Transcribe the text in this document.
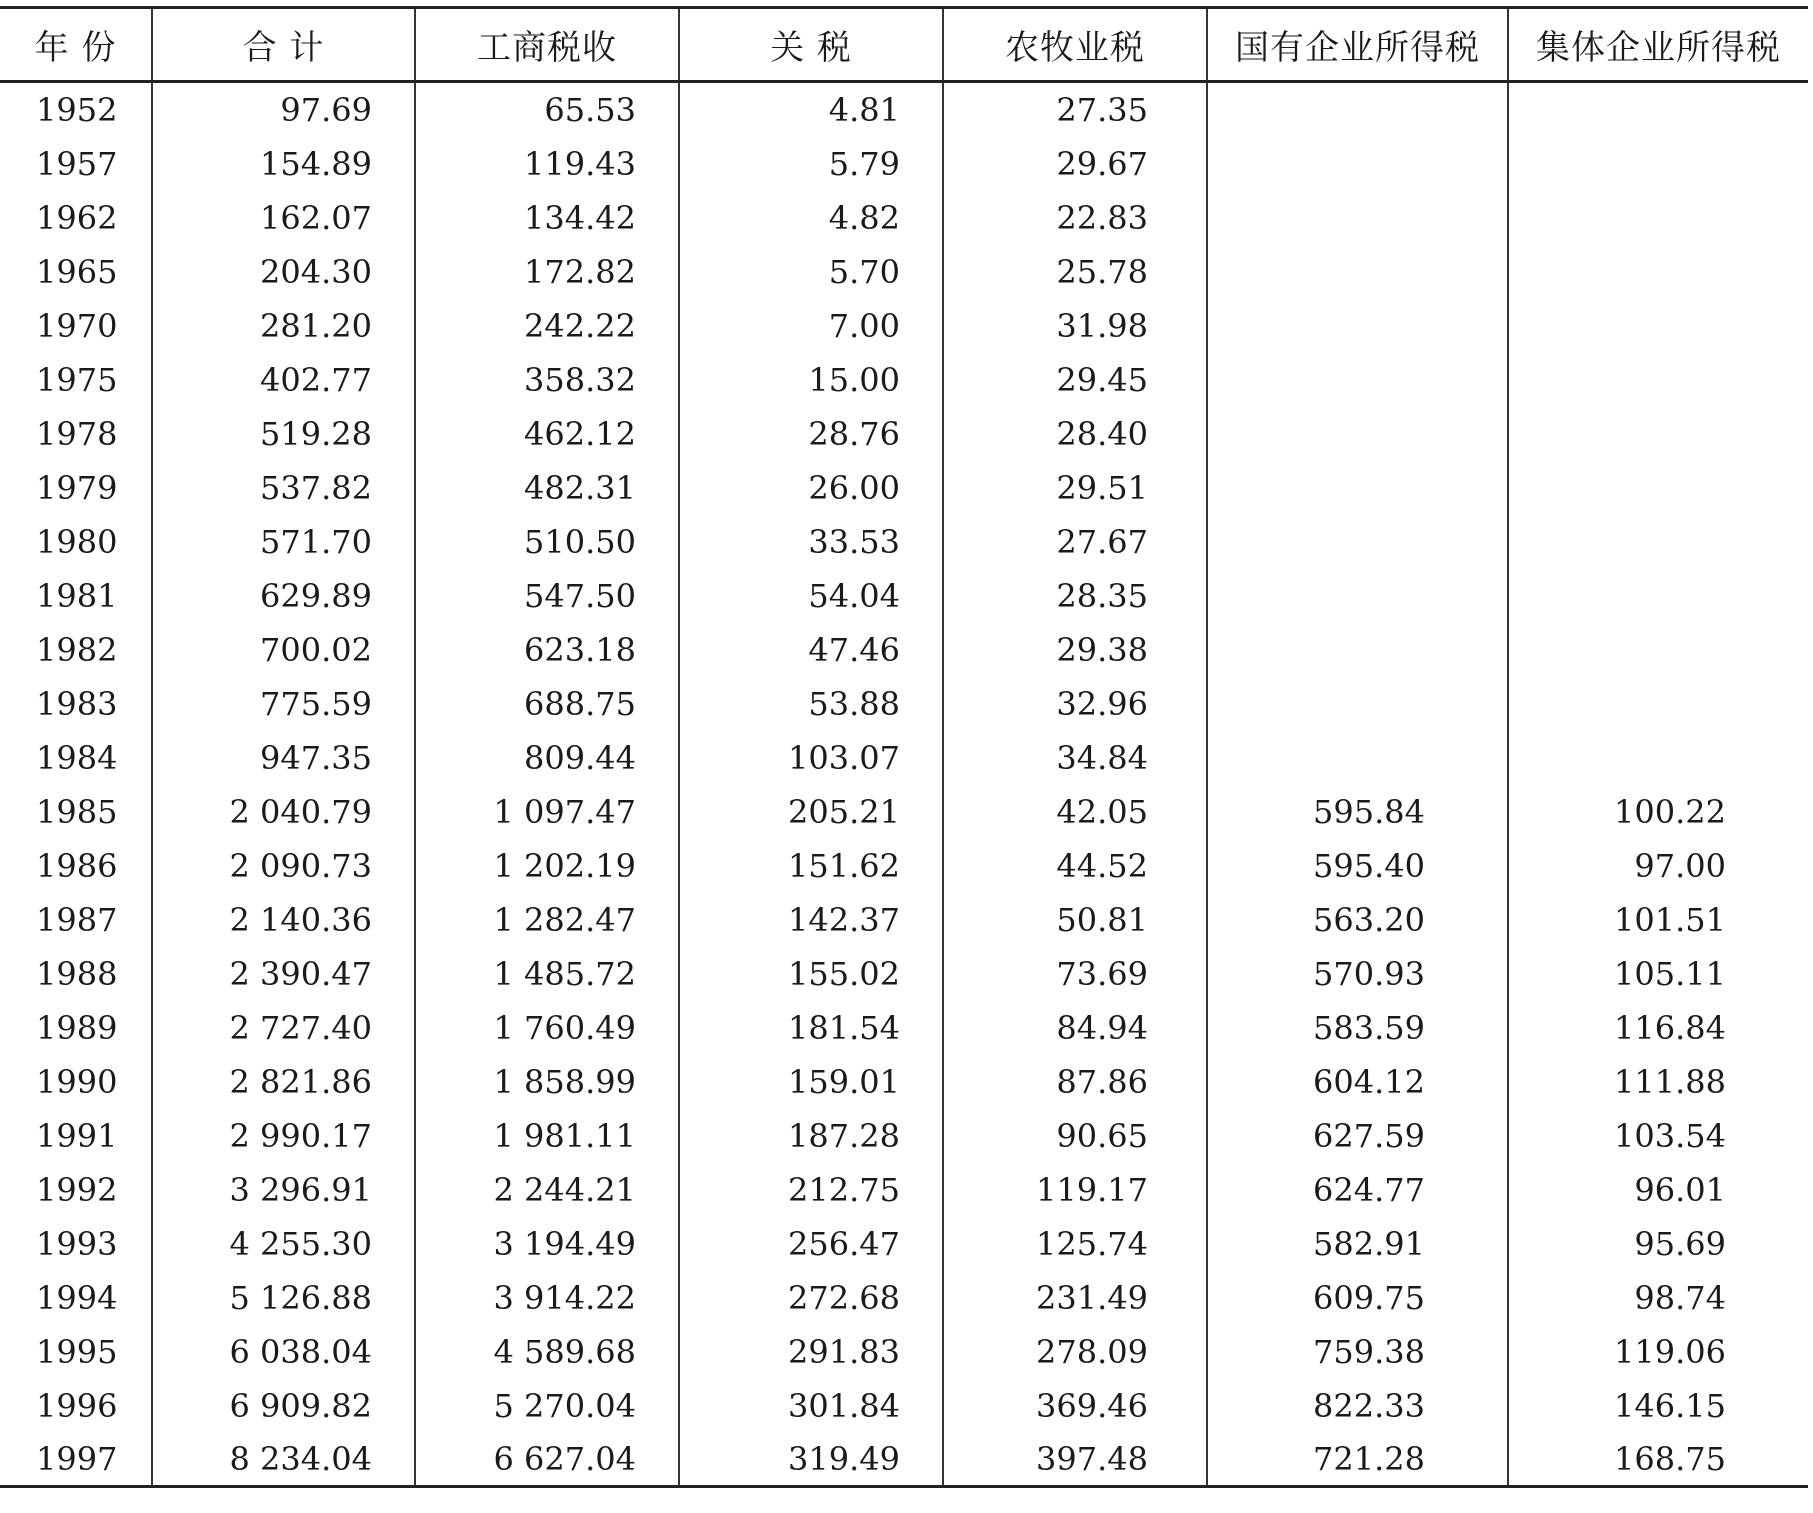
年 份	合 计	工商税收	关 税	农牧业税	国有企业所得税	集体企业所得税
1952	97.69	65.53	4.81	27.35		
1957	154.89	119.43	5.79	29.67		
1962	162.07	134.42	4.82	22.83		
1965	204.30	172.82	5.70	25.78		
1970	281.20	242.22	7.00	31.98		
1975	402.77	358.32	15.00	29.45		
1978	519.28	462.12	28.76	28.40		
1979	537.82	482.31	26.00	29.51		
1980	571.70	510.50	33.53	27.67		
1981	629.89	547.50	54.04	28.35		
1982	700.02	623.18	47.46	29.38		
1983	775.59	688.75	53.88	32.96		
1984	947.35	809.44	103.07	34.84		
1985	2 040.79	1 097.47	205.21	42.05	595.84	100.22
1986	2 090.73	1 202.19	151.62	44.52	595.40	97.00
1987	2 140.36	1 282.47	142.37	50.81	563.20	101.51
1988	2 390.47	1 485.72	155.02	73.69	570.93	105.11
1989	2 727.40	1 760.49	181.54	84.94	583.59	116.84
1990	2 821.86	1 858.99	159.01	87.86	604.12	111.88
1991	2 990.17	1 981.11	187.28	90.65	627.59	103.54
1992	3 296.91	2 244.21	212.75	119.17	624.77	96.01
1993	4 255.30	3 194.49	256.47	125.74	582.91	95.69
1994	5 126.88	3 914.22	272.68	231.49	609.75	98.74
1995	6 038.04	4 589.68	291.83	278.09	759.38	119.06
1996	6 909.82	5 270.04	301.84	369.46	822.33	146.15
1997	8 234.04	6 627.04	319.49	397.48	721.28	168.75
